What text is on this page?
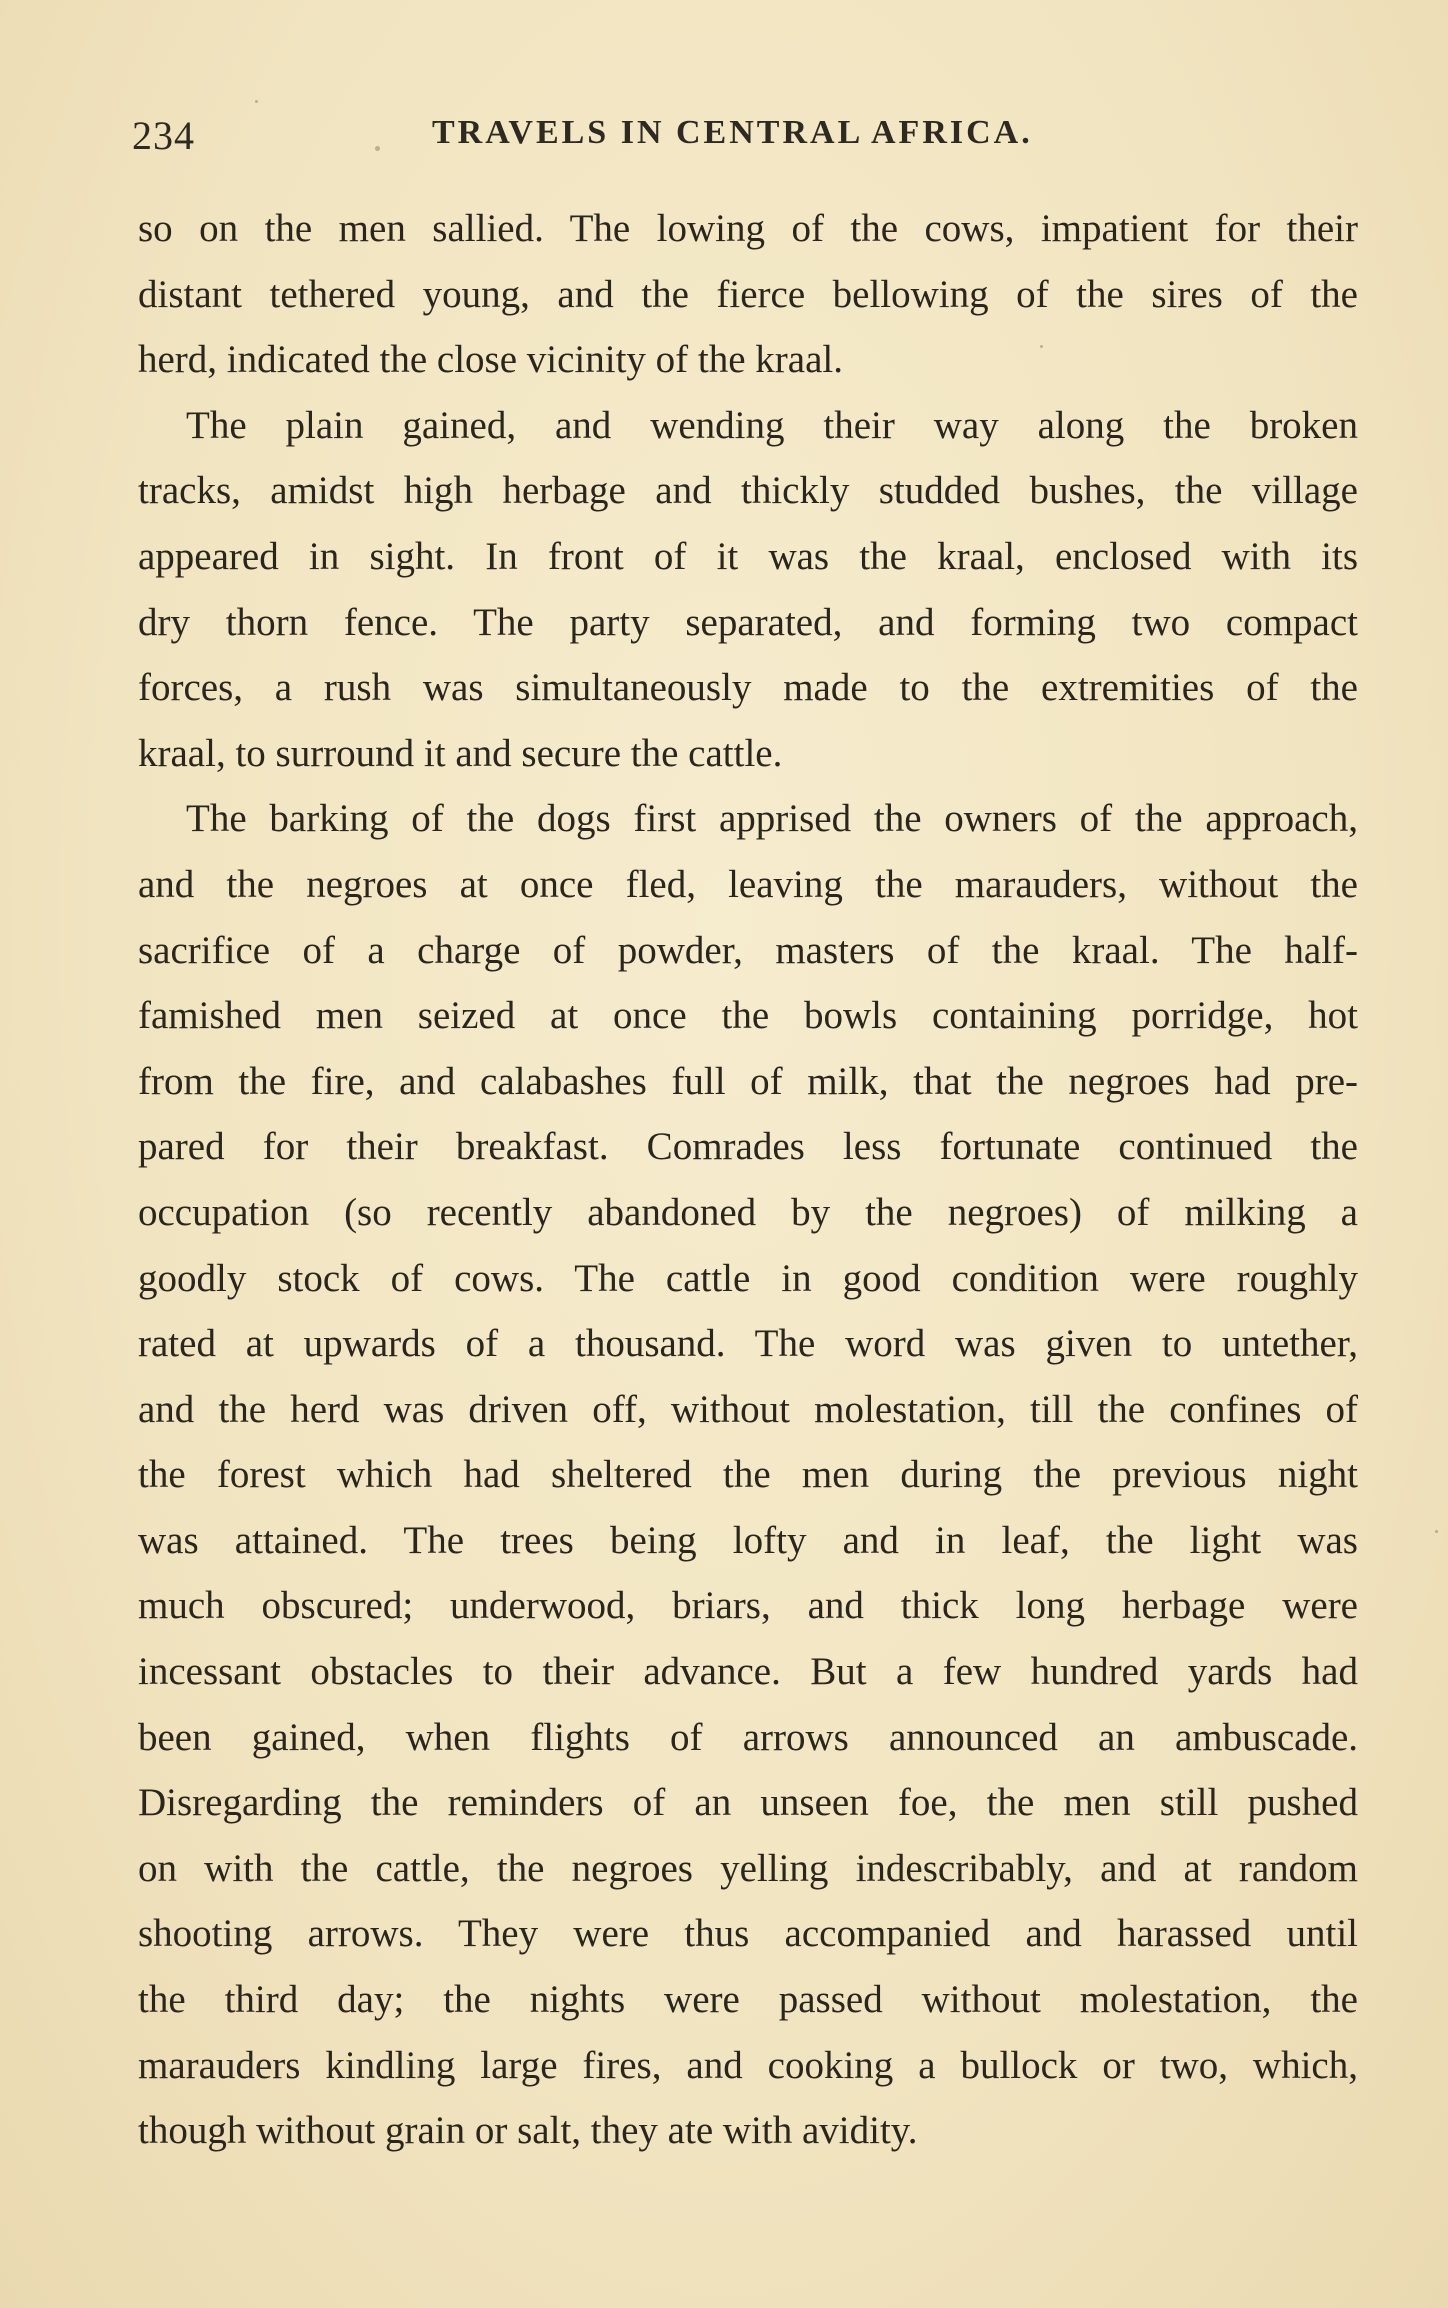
234	TRAVELS IN CENTRAL AFRICA.
so on the men sallied. The lowing of the cows, impatient for their
distant tethered young, and the fierce bellowing of the sires of the
herd, indicated the close vicinity of the kraal.
The plain gained, and wending their way along the broken
tracks, amidst high herbage and thickly studded bushes, the village
appeared in sight. In front of it was the kraal, enclosed with its
dry thorn fence. The party separated, and forming two compact
forces, a rush was simultaneously made to the extremities of the
kraal, to surround it and secure the cattle.
The barking of the dogs first apprised the owners of the approach,
and the negroes at once fled, leaving the marauders, without the
sacrifice of a charge of powder, masters of the kraal. The half-
famished men seized at once the bowls containing porridge, hot
from the fire, and calabashes full of milk, that the negroes had pre-
pared for their breakfast. Comrades less fortunate continued the
occupation (so recently abandoned by the negroes) of milking a
goodly stock of cows. The cattle in good condition were roughly
rated at upwards of a thousand. The word was given to untether,
and the herd was driven off, without molestation, till the confines of
the forest which had sheltered the men during the previous night
was attained. The trees being lofty and in leaf, the light was
much obscured; underwood, briars, and thick long herbage were
incessant obstacles to their advance. But a few hundred yards had
been gained, when flights of arrows announced an ambuscade.
Disregarding the reminders of an unseen foe, the men still pushed
on with the cattle, the negroes yelling indescribably, and at random
shooting arrows. They were thus accompanied and harassed until
the third day; the nights were passed without molestation, the
marauders kindling large fires, and cooking a bullock or two, which,
though without grain or salt, they ate with avidity.
